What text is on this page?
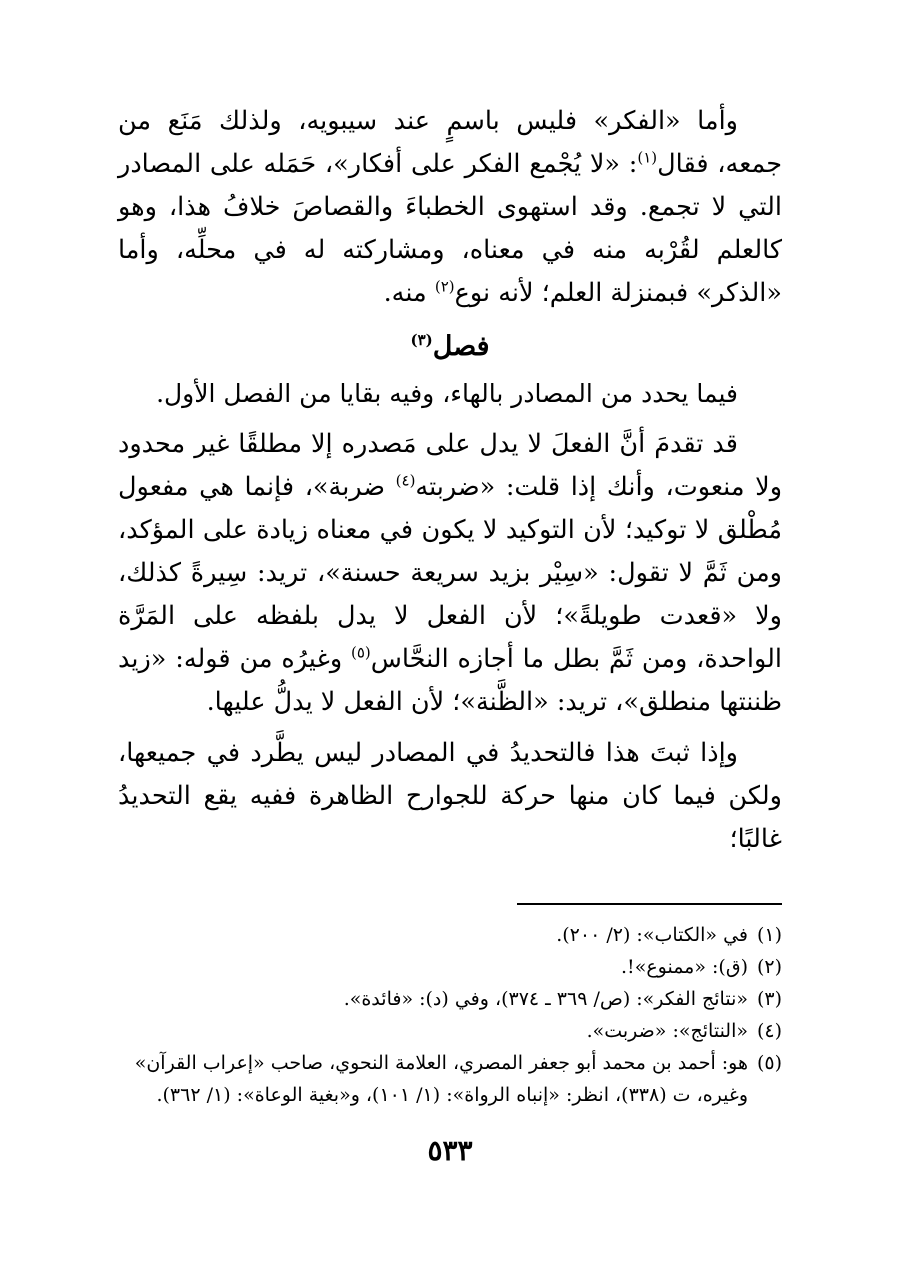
وأما «الفكر» فليس باسمٍ عند سيبويه، ولذلك مَنَع من جمعه، فقال$^{(١)}$: «لا يُجْمع الفكر على أفكار»، حَمَله على المصادر التي لا تجمع. وقد استهوى الخطباءَ والقصاصَ خلافُ هذا، وهو كالعلم لقُرْبه منه في معناه، ومشاركته له في محلِّه، وأما «الذكر» فبمنزلة العلم؛ لأنه نوع$^{(٢)}$ منه.

فصل$^{(٣)}$

فيما يحدد من المصادر بالهاء، وفيه بقايا من الفصل الأول.

قد تقدمَ أنَّ الفعلَ لا يدل على مَصدره إلا مطلقًا غير محدود ولا منعوت، وأنك إذا قلت: «ضربته$^{(٤)}$ ضربة»، فإنما هي مفعول مُطْلق لا توكيد؛ لأن التوكيد لا يكون في معناه زيادة على المؤكد، ومن ثَمَّ لا تقول: «سِيْر بزيد سريعة حسنة»، تريد: سِيرةً كذلك، ولا «قعدت طويلةً»؛ لأن الفعل لا يدل بلفظه على المَرَّة الواحدة، ومن ثَمَّ بطل ما أجازه النحَّاس$^{(٥)}$ وغيرُه من قوله: «زيد ظننتها منطلق»، تريد: «الظَّنة»؛ لأن الفعل لا يدلُّ عليها.

وإذا ثبتَ هذا فالتحديدُ في المصادر ليس يطَّرد في جميعها، ولكن فيما كان منها حركة للجوارح الظاهرة ففيه يقع التحديدُ غالبًا؛

(١)
في «الكتاب»: (٢/ ٢٠٠).
(٢)
(ق): «ممنوع»!.
(٣)
«نتائج الفكر»: (ص/ ٣٦٩ ـ ٣٧٤)، وفي (د): «فائدة».
(٤)
«النتائج»: «ضربت».
(٥)
هو: أحمد بن محمد أبو جعفر المصري، العلامة النحوي، صاحب «إعراب القرآن» وغيره، ت (٣٣٨)، انظر: «إنباه الرواة»: (١/ ١٠١)، و«بغية الوعاة»: (١/ ٣٦٢).
٥٣٣
